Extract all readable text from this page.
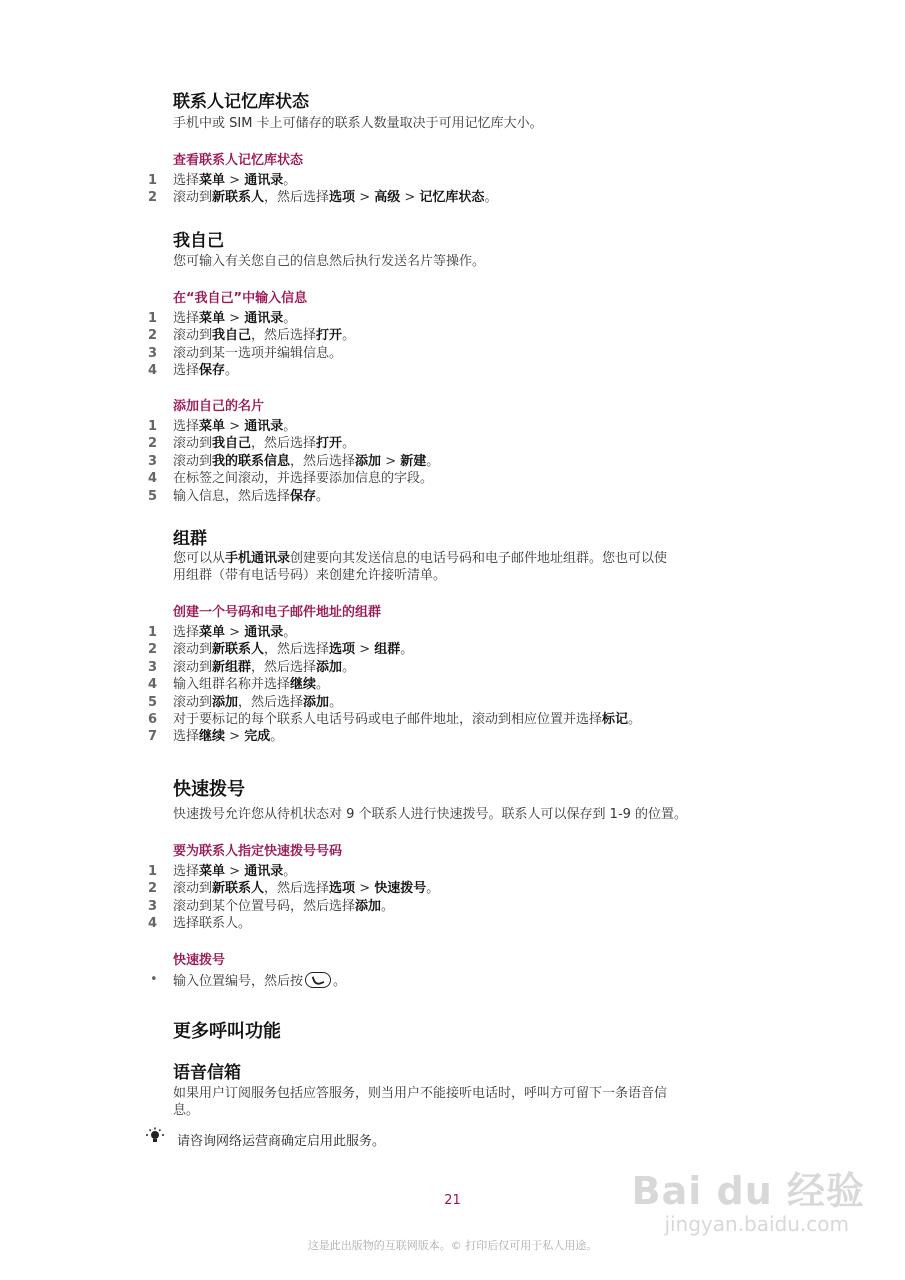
联系人记忆库状态
手机中或 SIM 卡上可储存的联系人数量取决于可用记忆库大小。
查看联系人记忆库状态
1	选择菜单 > 通讯录。
2	滚动到新联系人，然后选择选项 > 高级 > 记忆库状态。
我自己
您可输入有关您自己的信息然后执行发送名片等操作。
在“我自己”中输入信息
1	选择菜单 > 通讯录。
2	滚动到我自己，然后选择打开。
3	滚动到某一选项并编辑信息。
4	选择保存。
添加自己的名片
1	选择菜单 > 通讯录。
2	滚动到我自己，然后选择打开。
3	滚动到我的联系信息，然后选择添加 > 新建。
4	在标签之间滚动，并选择要添加信息的字段。
5	输入信息，然后选择保存。
组群
您可以从手机通讯录创建要向其发送信息的电话号码和电子邮件地址组群。您也可以使
用组群（带有电话号码）来创建允许接听清单。
创建一个号码和电子邮件地址的组群
1	选择菜单 > 通讯录。
2	滚动到新联系人，然后选择选项 > 组群。
3	滚动到新组群，然后选择添加。
4	输入组群名称并选择继续。
5	滚动到添加，然后选择添加。
6	对于要标记的每个联系人电话号码或电子邮件地址，滚动到相应位置并选择标记。
7	选择继续 > 完成。
快速拨号
快速拨号允许您从待机状态对 9 个联系人进行快速拨号。联系人可以保存到 1-9 的位置。
要为联系人指定快速拨号号码
1	选择菜单 > 通讯录。
2	滚动到新联系人，然后选择选项 > 快速拨号。
3	滚动到某个位置号码，然后选择添加。
4	选择联系人。
快速拨号
• 输入位置编号，然后按 。
更多呼叫功能
语音信箱
如果用户订阅服务包括应答服务，则当用户不能接听电话时，呼叫方可留下一条语音信
息。
请咨询网络运营商确定启用此服务。
21
这是此出版物的互联网版本。© 打印后仅可用于私人用途。
Bai du 经验
jingyan.baidu.com
